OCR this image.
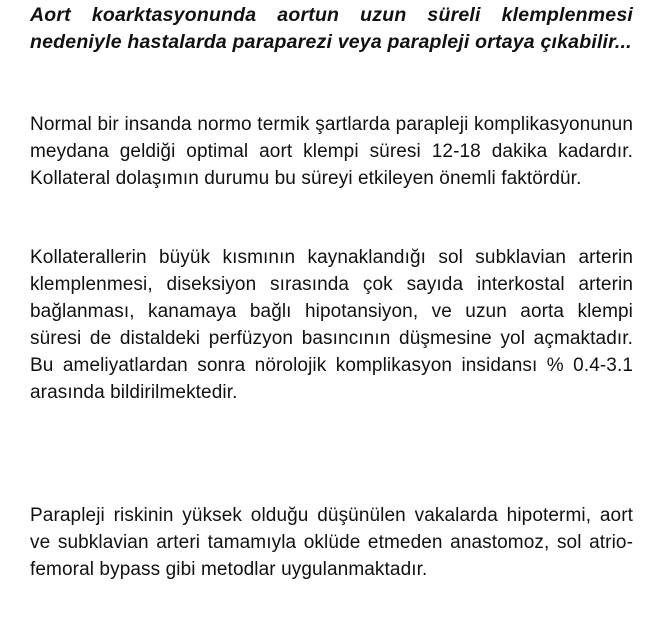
Aort koarktasyonunda aortun uzun süreli klemplenmesi nedeniyle hastalarda paraparezi veya parapleji ortaya çıkabilir...

Normal bir insanda normo termik şartlarda parapleji komplikasyonunun meydana geldiği optimal aort klempi süresi 12-18 dakika kadardır. Kollateral dolaşımın durumu bu süreyi etkileyen önemli faktördür.

Kollaterallerin büyük kısmının kaynaklandığı sol subklavian arterin klemplenmesi, diseksiyon sırasında çok sayıda interkostal arterin bağlanması, kanamaya bağlı hipotansiyon, ve uzun aorta klempi süresi de distaldeki perfüzyon basıncının düşmesine yol açmaktadır. Bu ameliyatlardan sonra nörolojik komplikasyon insidansı % 0.4-3.1 arasında bildirilmektedir.

Parapleji riskinin yüksek olduğu düşünülen vakalarda hipotermi, aort ve subklavian arteri tamamıyla oklüde etmeden anastomoz, sol atrio-femoral bypass gibi metodlar uygulanmaktadır.
